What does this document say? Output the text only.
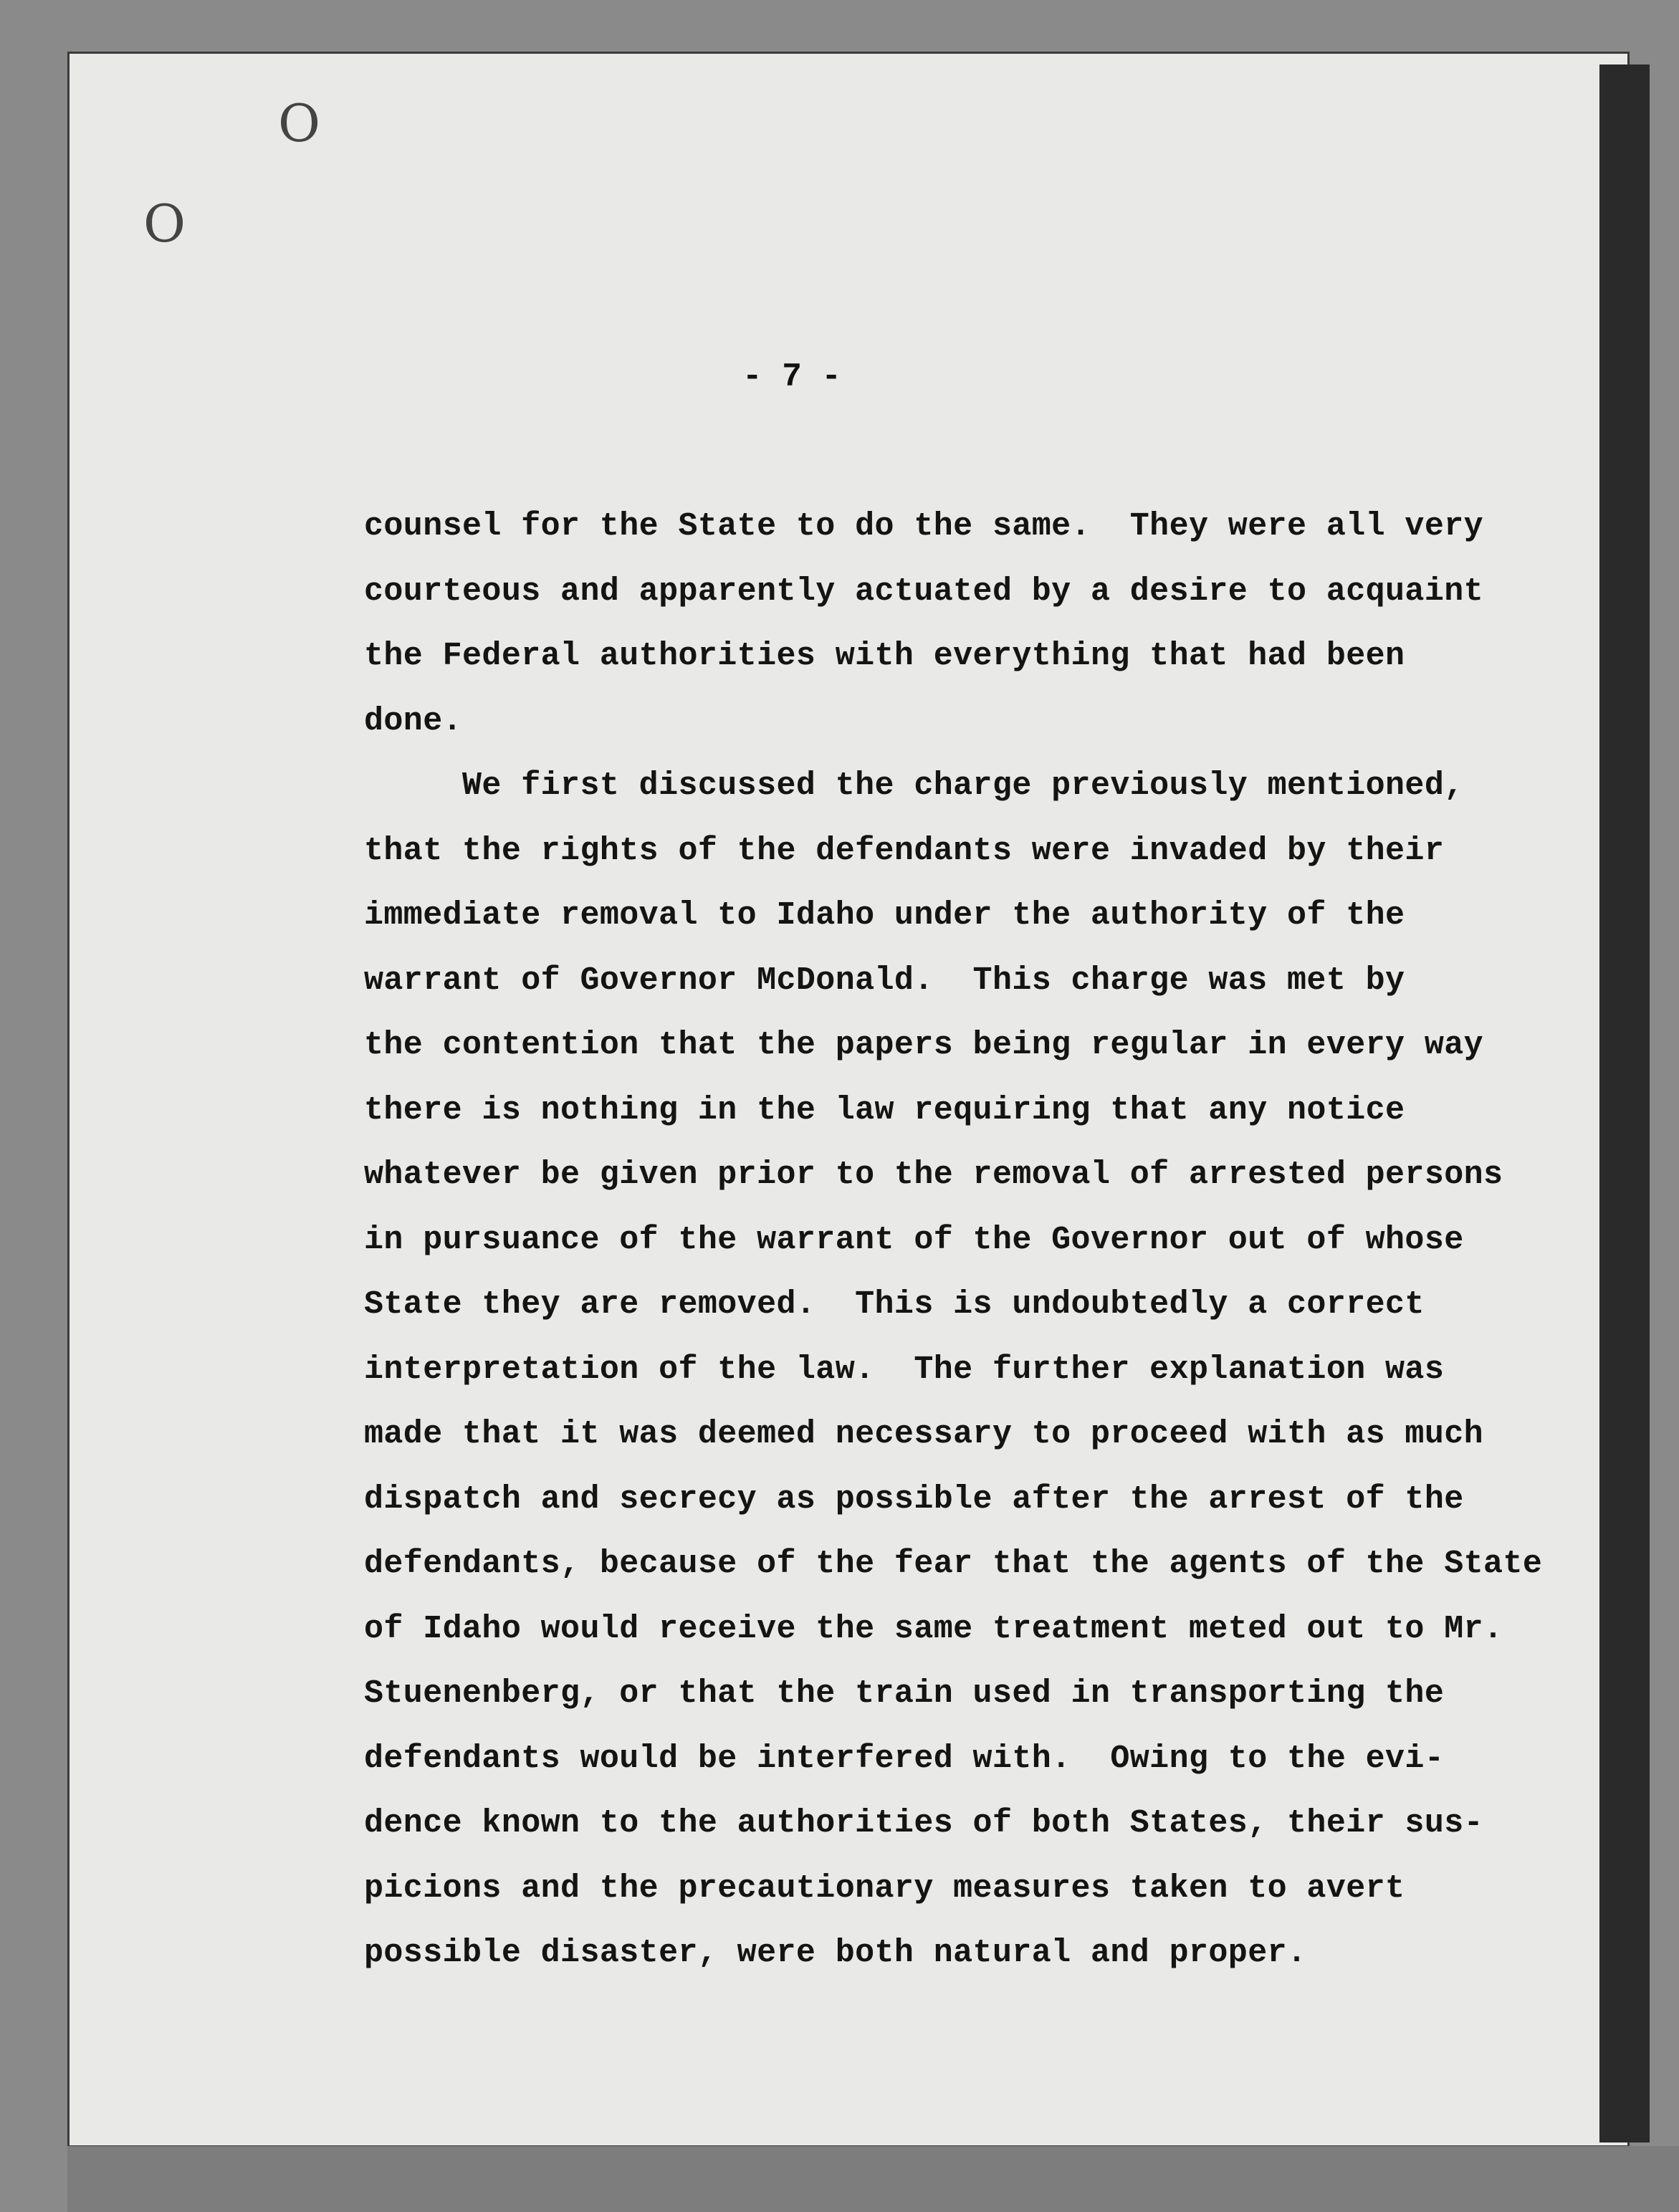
O
O
- 7 -
counsel for the State to do the same.  They were all very
courteous and apparently actuated by a desire to acquaint
the Federal authorities with everything that had been
done.
We first discussed the charge previously mentioned,
that the rights of the defendants were invaded by their
immediate removal to Idaho under the authority of the
warrant of Governor McDonald.  This charge was met by
the contention that the papers being regular in every way
there is nothing in the law requiring that any notice
whatever be given prior to the removal of arrested persons
in pursuance of the warrant of the Governor out of whose
State they are removed.  This is undoubtedly a correct
interpretation of the law.  The further explanation was
made that it was deemed necessary to proceed with as much
dispatch and secrecy as possible after the arrest of the
defendants, because of the fear that the agents of the State
of Idaho would receive the same treatment meted out to Mr.
Stuenenberg, or that the train used in transporting the
defendants would be interfered with.  Owing to the evi-
dence known to the authorities of both States, their sus-
picions and the precautionary measures taken to avert
possible disaster, were both natural and proper.
